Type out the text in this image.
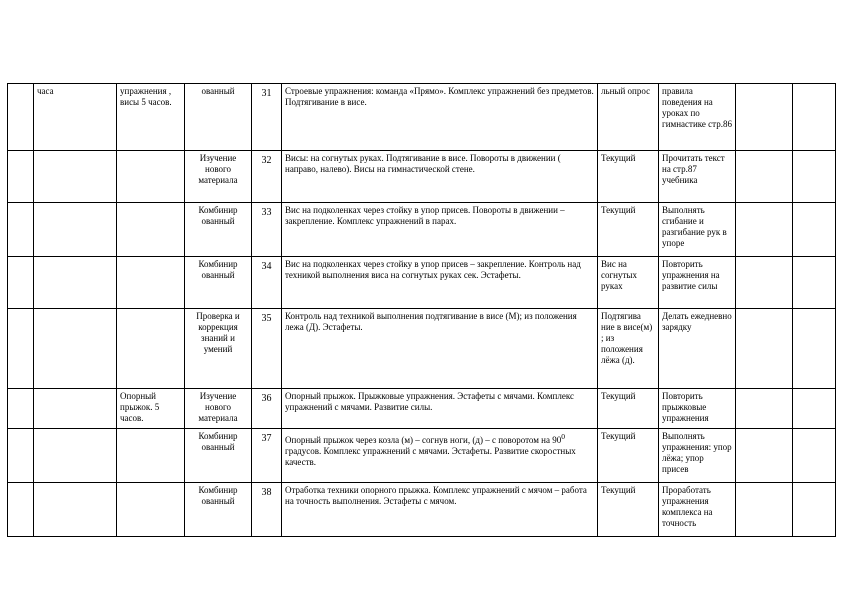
	часа	упражнения , висы 5 часов.	ованный	31	Строевые упражнения: команда «Прямо». Комплекс упражнений без предметов. Подтягивание в висе.	льный опрос	правила поведения на уроках по гимнастике стр.86		
			Изучение нового материала	32	Висы: на согнутых руках. Подтягивание в висе. Повороты в движении ( направо, налево). Висы на гимнастической стене.	Текущий	Прочитать текст на стр.87 учебника		
			Комбинир ованный	33	Вис на подколенках через стойку в упор присев. Повороты в движении – закрепление. Комплекс упражнений в парах.	Текущий	Выполнять сгибание и разгибание рук в упоре		
			Комбинир ованный	34	Вис на подколенках через стойку в упор присев – закрепление. Контроль над техникой выполнения виса на согнутых руках сек. Эстафеты.	Вис на согнутых руках	Повторить упражнения на развитие силы		
			Проверка и коррекция знаний и умений	35	Контроль над техникой выполнения подтягивание в висе (М); из положения лежа (Д). Эстафеты.	Подтягива ние в висе(м) ; из положения лёжа (д).	Делать ежедневно зарядку		
		Опорный прыжок. 5 часов.	Изучение нового материала	36	Опорный прыжок. Прыжковые упражнения. Эстафеты с мячами. Комплекс упражнений с мячами. Развитие силы.	Текущий	Повторить прыжковые упражнения		
			Комбинир ованный	37	Опорный прыжок через козла (м) – согнув ноги, (д) – с поворотом на $90^0$ градусов. Комплекс упражнений с мячами. Эстафеты. Развитие скоростных качеств.	Текущий	Выполнять упражнения: упор лёжа; упор присев		
			Комбинир ованный	38	Отработка техники опорного прыжка. Комплекс упражнений с мячом – работа на точность выполнения. Эстафеты с мячом.	Текущий	Проработать упражнения комплекса на точность		
